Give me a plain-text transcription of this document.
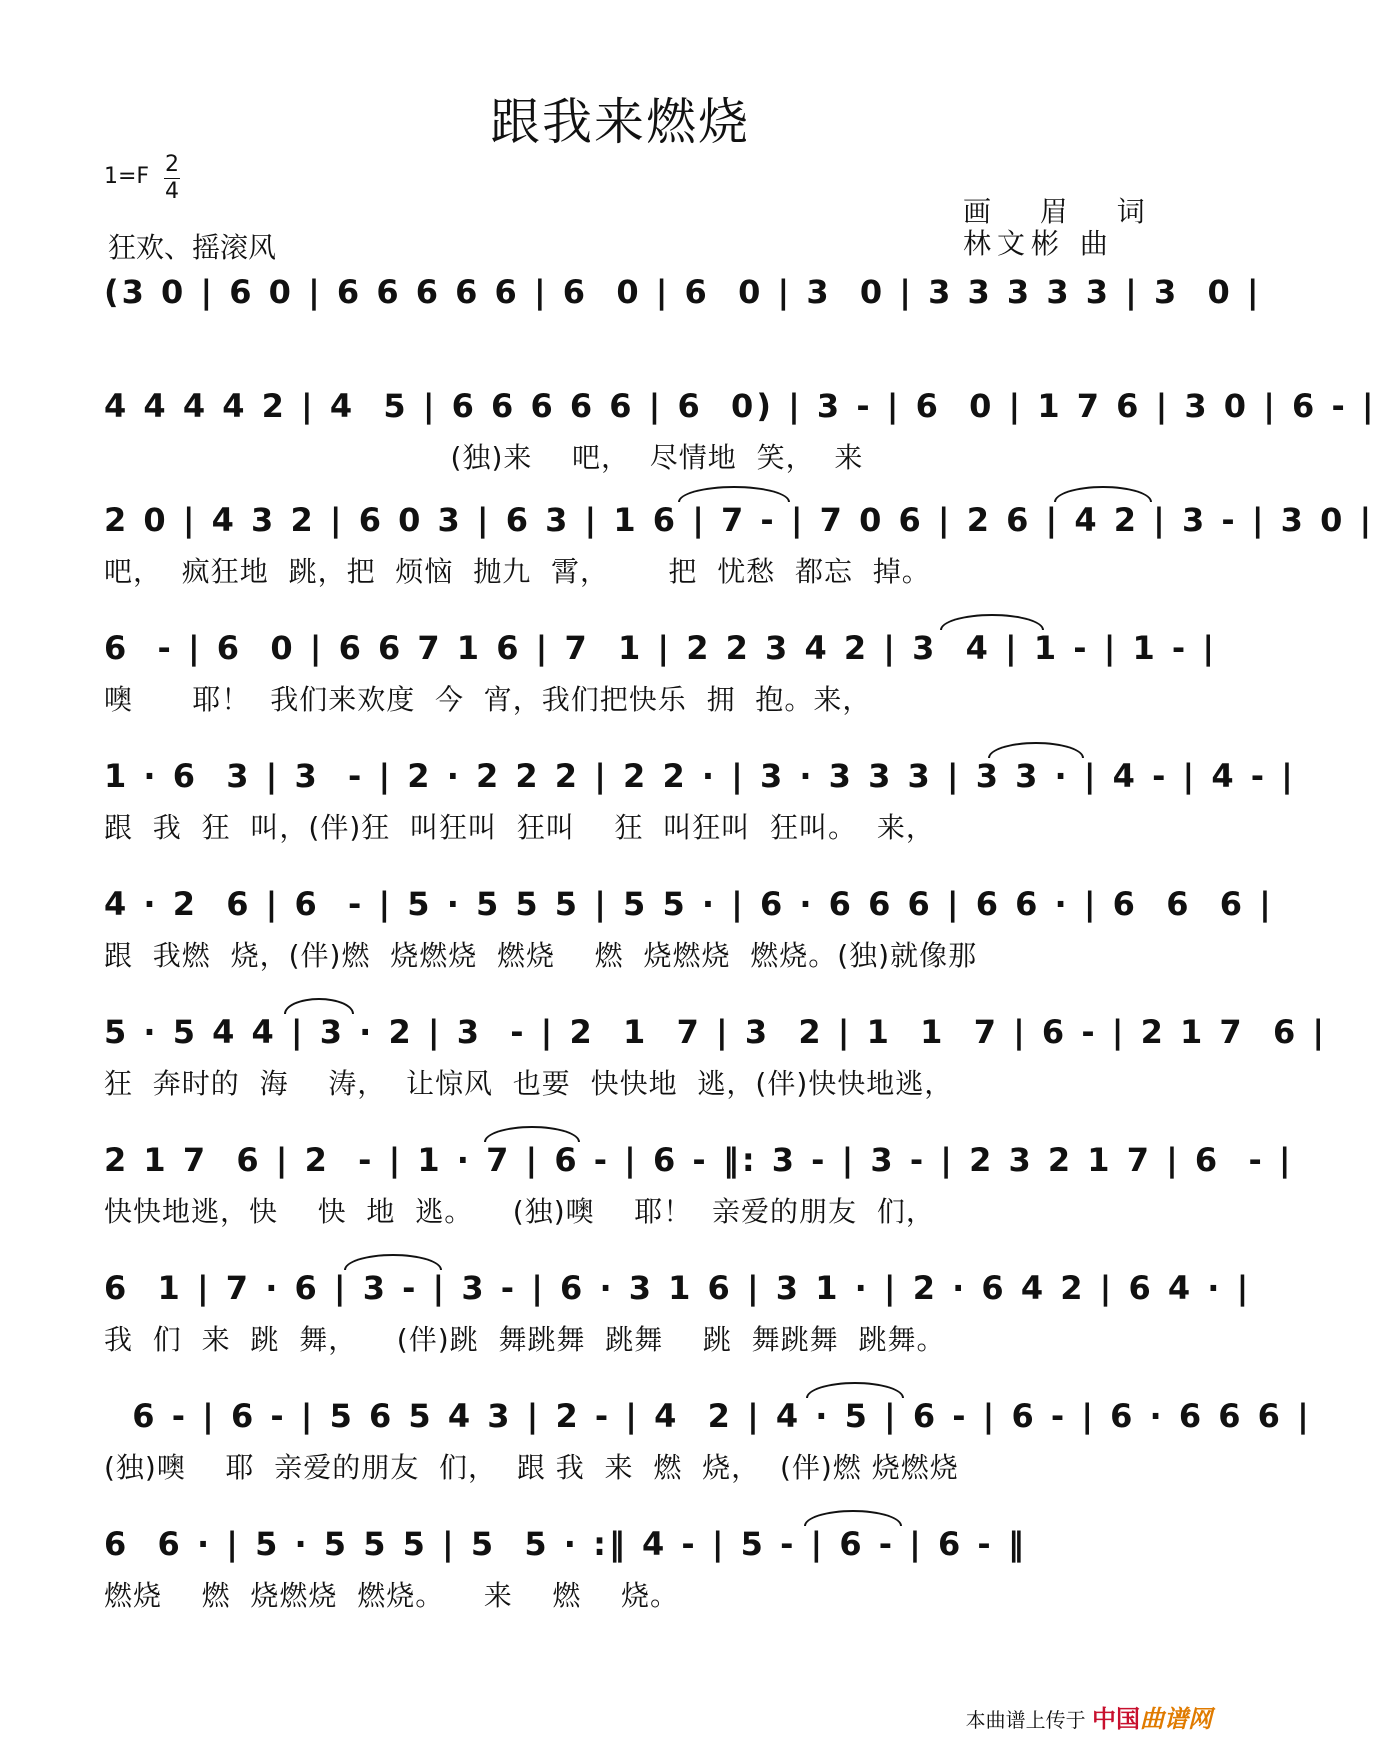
跟我来燃烧
1=F 2
4
狂欢、摇滚风
画 眉 词
林文彬 曲
(3 0 | 6 0 | 6 6 6 6 6 | 6  0 | 6  0 | 3  0 | 3 3 3 3 3 | 3  0 |
4 4 4 4 2 | 4  5 | 6 6 6 6 6 | 6  0) | 3 - | 6  0 | 1 7 6 | 3 0 | 6 - |
(独)来    吧，  尽情地  笑，  来
2 0 | 4 3 2 | 6 0 3 | 6 3 | 1 6 | 7 - | 7 0 6 | 2 6 | 4 2 | 3 - | 3 0 |
吧，  疯狂地  跳，把  烦恼  抛九  霄，      把  忧愁  都忘  掉。
6  - | 6  0 | 6 6 7 1 6 | 7  1 | 2 2 3 4 2 | 3  4 | 1 - | 1 - |
噢      耶！  我们来欢度  今  宵，我们把快乐  拥  抱。来，
1 · 6  3 | 3  - | 2 · 2 2 2 | 2 2 · | 3 · 3 3 3 | 3 3 · | 4 - | 4 - |
跟  我  狂  叫，(伴)狂  叫狂叫  狂叫    狂  叫狂叫  狂叫。  来，
4 · 2  6 | 6  - | 5 · 5 5 5 | 5 5 · | 6 · 6 6 6 | 6 6 · | 6  6  6 |
跟  我燃  烧，(伴)燃  烧燃烧  燃烧    燃  烧燃烧  燃烧。(独)就像那
5 · 5 4 4 | 3 · 2 | 3  - | 2  1  7 | 3  2 | 1  1  7 | 6 - | 2 1 7  6 |
狂  奔时的  海    涛，  让惊风  也要  快快地  逃，(伴)快快地逃，
2 1 7  6 | 2  - | 1 · 7 | 6 - | 6 - ‖: 3 - | 3 - | 2 3 2 1 7 | 6  - |
快快地逃，快    快  地  逃。    (独)噢    耶！  亲爱的朋友  们，
6  1 | 7 · 6 | 3 - | 3 - | 6 · 3 1 6 | 3 1 · | 2 · 6 4 2 | 6 4 · |
我  们  来  跳  舞，    (伴)跳  舞跳舞  跳舞    跳  舞跳舞  跳舞。
6 - | 6 - | 5 6 5 4 3 | 2 - | 4  2 | 4 · 5 | 6 - | 6 - | 6 · 6 6 6 |
(独)噢    耶  亲爱的朋友  们，  跟 我  来  燃  烧，  (伴)燃 烧燃烧
6  6 · | 5 · 5 5 5 | 5  5 · :‖ 4 - | 5 - | 6 - | 6 - ‖
燃烧    燃  烧燃烧  燃烧。    来    燃    烧。
本曲谱上传于 中国曲谱网
